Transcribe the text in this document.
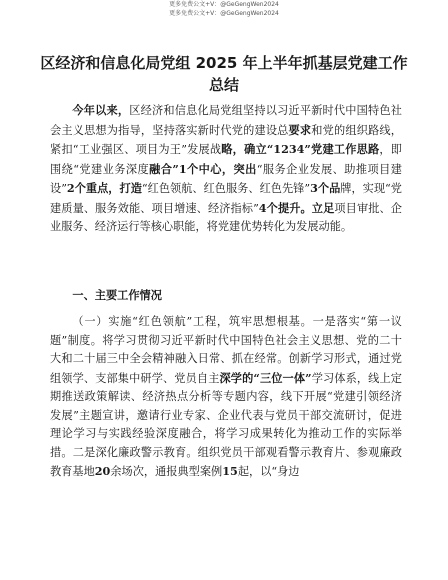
更多免费公文+V：@GeGengWen2024
更多免费公文+V：@GeGengWen2024
区经济和信息化局党组 2025 年上半年抓基层党建工作总结

今年以来，区经济和信息化局党组坚持以习近平新时代中国特色社会主义思想为指导，坚持落实新时代党的建设总要求和党的组织路线，紧扣“工业强区、项目为王”发展战略，确立“1234”党建工作思路，即围绕“党建业务深度融合”1个中心，突出“服务企业发展、助推项目建设”2个重点，打造“红色领航、红色服务、红色先锋”3个品牌，实现“党建质量、服务效能、项目增速、经济指标”4个提升。立足项目审批、企业服务、经济运行等核心职能，将党建优势转化为发展动能。

一、主要工作情况

（一）实施“红色领航”工程，筑牢思想根基。一是落实“第一议题”制度。将学习贯彻习近平新时代中国特色社会主义思想、党的二十大和二十届三中全会精神融入日常、抓在经常。创新学习形式，通过党组领学、支部集中研学、党员自主深学的“三位一体”学习体系，线上定期推送政策解读、经济热点分析等专题内容，线下开展“党建引领经济发展”主题宣讲，邀请行业专家、企业代表与党员干部交流研讨，促进理论学习与实践经验深度融合，将学习成果转化为推动工作的实际举措。二是深化廉政警示教育。组织党员干部观看警示教育片、参观廉政教育基地20余场次，通报典型案例15起，以“身边
